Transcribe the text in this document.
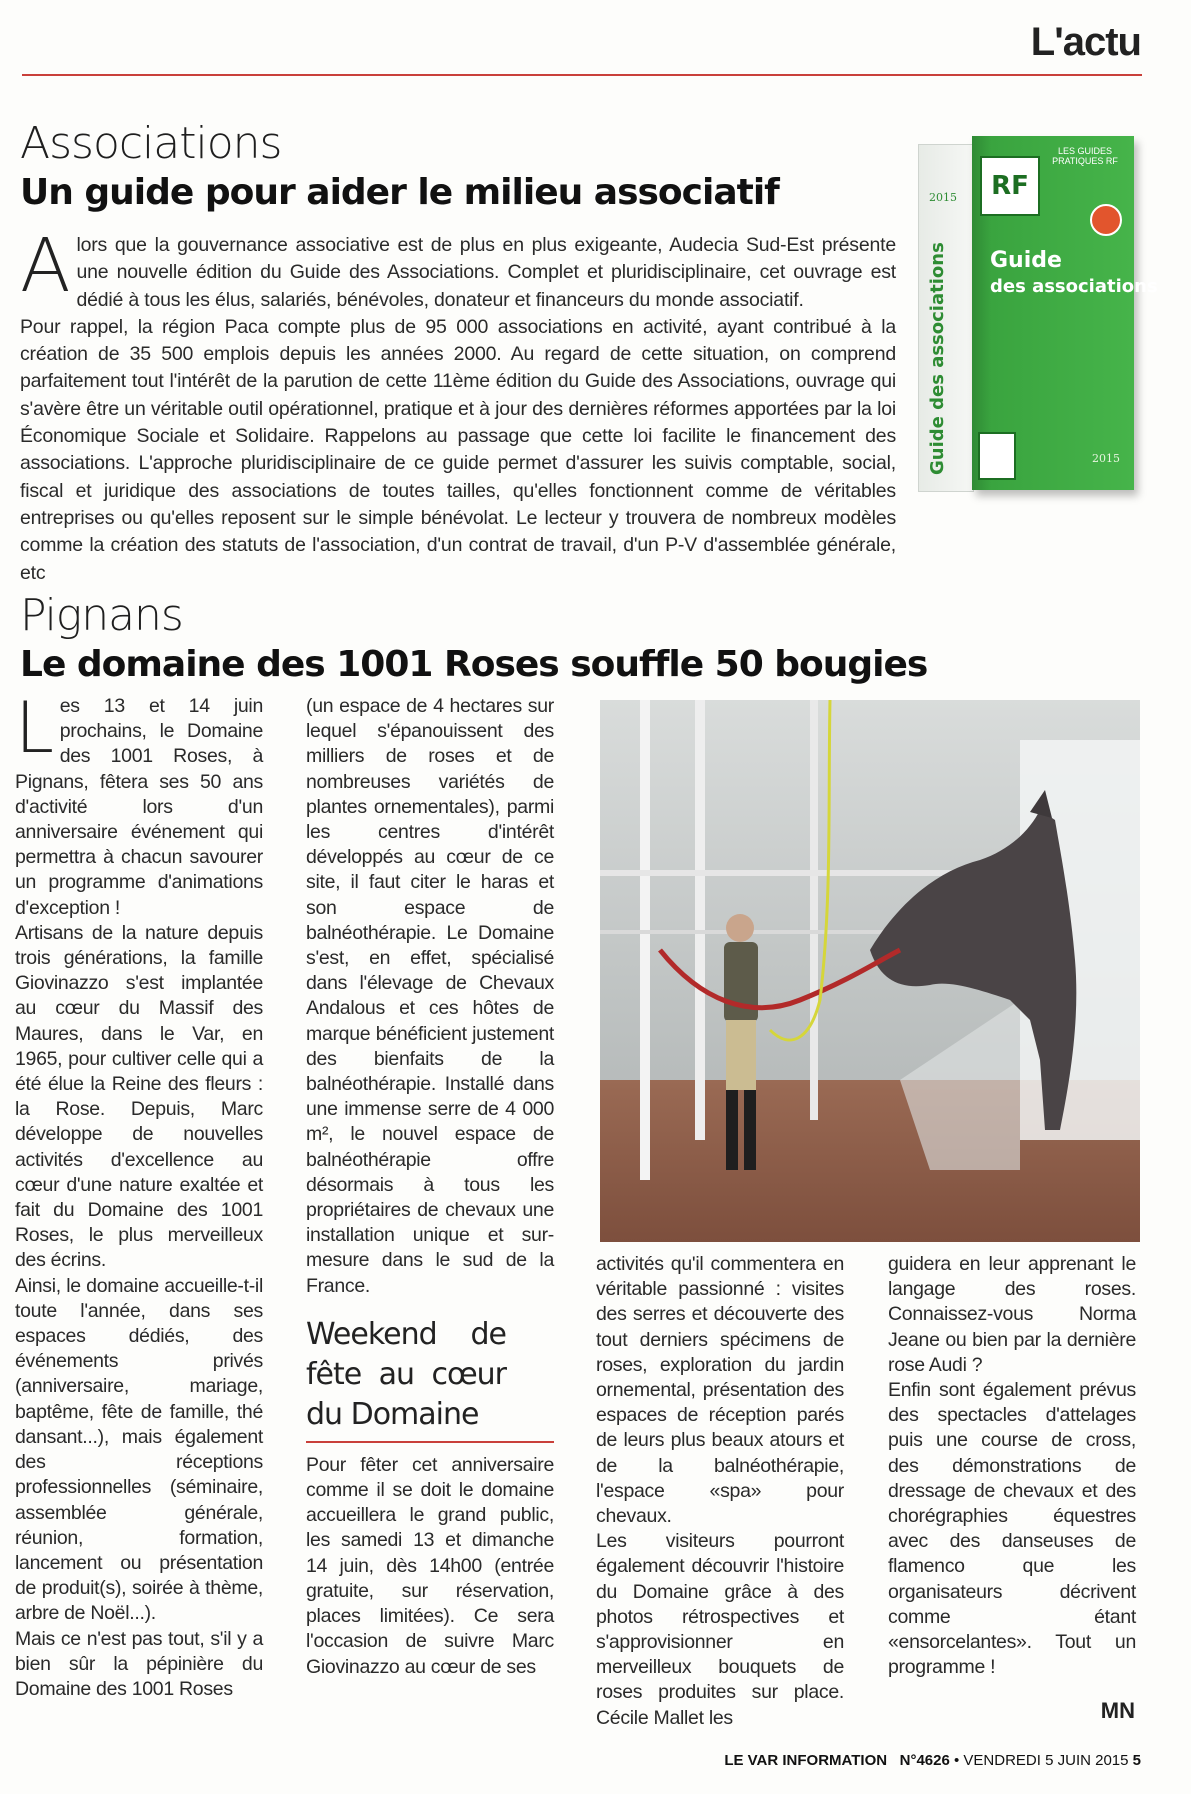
L'actu
Associations
Un guide pour aider le milieu associatif

Alors que la gouvernance associative est de plus en plus exigeante, Audecia Sud-Est présente une nouvelle édition du Guide des Associations. Complet et pluridisciplinaire, cet ouvrage est dédié à tous les élus, salariés, bénévoles, donateur et financeurs du monde associatif.

Pour rappel, la région Paca compte plus de 95 000 associations en activité, ayant contribué à la création de 35 500 emplois depuis les années 2000. Au regard de cette situation, on comprend parfaitement tout l'intérêt de la parution de cette 11ème édition du Guide des Associations, ouvrage qui s'avère être un véritable outil opérationnel, pratique et à jour des dernières réformes apportées par la loi Économique Sociale et Solidaire. Rappelons au passage que cette loi facilite le financement des associations. L'approche pluridisciplinaire de ce guide permet d'assurer les suivis comptable, social, fiscal et juridique des associations de toutes tailles, qu'elles fonctionnent comme de véritables entreprises ou qu'elles reposent sur le simple bénévolat. Le lecteur y trouvera de nombreux modèles comme la création des statuts de l'association, d'un contrat de travail, d'un P-V d'assemblée générale, etc

Guide des associations
2015
LES GUIDES PRATIQUES RF
RF
Guide
des associations
2015
Pignans
Le domaine des 1001 Roses souffle 50 bougies

Les 13 et 14 juin prochains, le Domaine des 1001 Roses, à Pignans, fêtera ses 50 ans d'activité lors d'un anniversaire événement qui permettra à chacun savourer un programme d'animations d'exception !

Artisans de la nature depuis trois générations, la famille Giovinazzo s'est implantée au cœur du Massif des Maures, dans le Var, en 1965, pour cultiver celle qui a été élue la Reine des fleurs : la Rose. Depuis, Marc développe de nouvelles activités d'excellence au cœur d'une nature exaltée et fait du Domaine des 1001 Roses, le plus merveilleux des écrins.

Ainsi, le domaine accueille-t-il toute l'année, dans ses espaces dédiés, des événements privés (anniversaire, mariage, baptême, fête de famille, thé dansant...), mais également des réceptions professionnelles (séminaire, assemblée générale, réunion, formation, lancement ou présentation de produit(s), soirée à thème, arbre de Noël...).

Mais ce n'est pas tout, s'il y a bien sûr la pépinière du Domaine des 1001 Roses

(un espace de 4 hectares sur lequel s'épanouissent des milliers de roses et de nombreuses variétés de plantes ornementales), parmi les centres d'intérêt développés au cœur de ce site, il faut citer le haras et son espace de balnéothérapie. Le Domaine s'est, en effet, spécialisé dans l'élevage de Chevaux Andalous et ces hôtes de marque bénéficient justement des bienfaits de la balnéothérapie. Installé dans une immense serre de 4 000 m², le nouvel espace de balnéothérapie offre désormais à tous les propriétaires de chevaux une installation unique et sur-mesure dans le sud de la France.

Weekend de fête au cœur du Domaine

Pour fêter cet anniversaire comme il se doit le domaine accueillera le grand public, les samedi 13 et dimanche 14 juin, dès 14h00 (entrée gratuite, sur réservation, places limitées). Ce sera l'occasion de suivre Marc Giovinazzo au cœur de ses

activités qu'il commentera en véritable passionné : visites des serres et découverte des tout derniers spécimens de roses, exploration du jardin ornemental, présentation des espaces de réception parés de leurs plus beaux atours et de la balnéothérapie, l'espace «spa» pour chevaux.

Les visiteurs pourront également découvrir l'histoire du Domaine grâce à des photos rétrospectives et s'approvisionner en merveilleux bouquets de roses produites sur place. Cécile Mallet les

guidera en leur apprenant le langage des roses. Connaissez-vous Norma Jeane ou bien par la dernière rose Audi ?

Enfin sont également prévus des spectacles d'attelages puis une course de cross, des démonstrations de dressage de chevaux et des chorégraphies équestres avec des danseuses de flamenco que les organisateurs décrivent comme étant «ensorcelantes». Tout un programme !

MN
LE VAR INFORMATION N°4626 • VENDREDI 5 JUIN 2015 5
